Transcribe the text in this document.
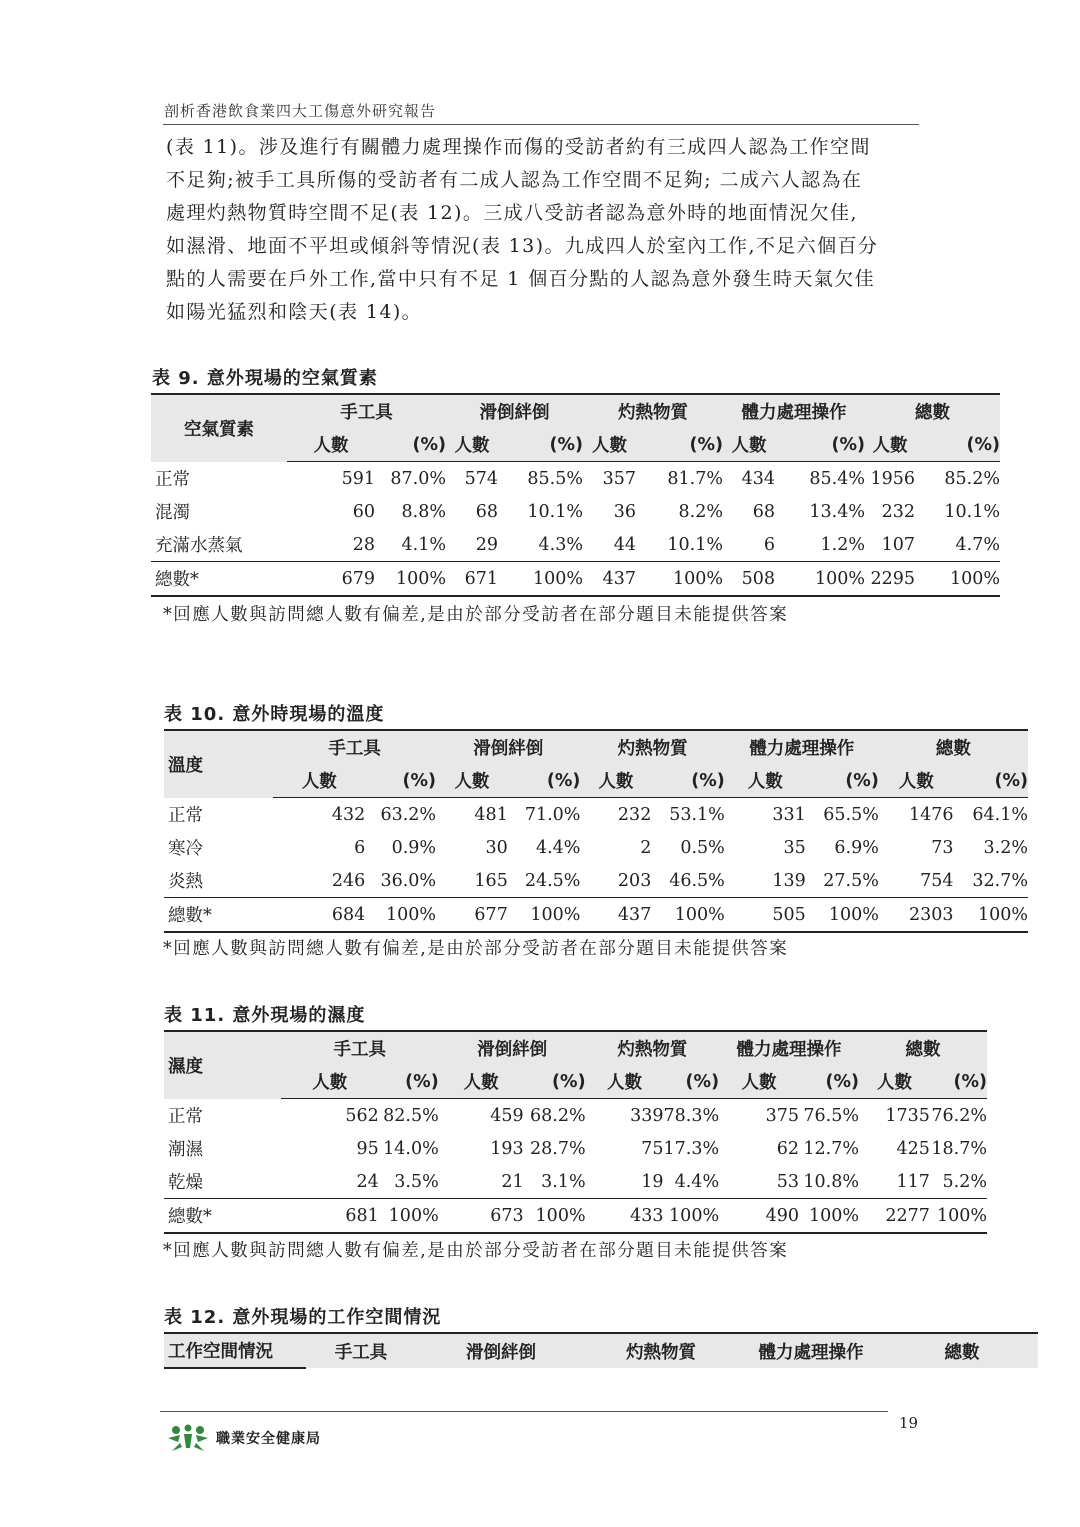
剖析香港飲食業四大工傷意外研究報告

(表 11)。涉及進行有關體力處理操作而傷的受訪者約有三成四人認為工作空間

不足夠;被手工具所傷的受訪者有二成人認為工作空間不足夠; 二成六人認為在

處理灼熱物質時空間不足(表 12)。三成八受訪者認為意外時的地面情況欠佳,

如濕滑、地面不平坦或傾斜等情況(表 13)。九成四人於室內工作,不足六個百分

點的人需要在戶外工作,當中只有不足 1 個百分點的人認為意外發生時天氣欠佳

如陽光猛烈和陰天(表 14)。

表 9. 意外現場的空氣質素
空氣質素	手工具		滑倒絆倒		灼熱物質		體力處理操作		總數	
	人數	(%)	人數	(%)	人數	(%)	人數	(%)	人數	(%)
正常	591	87.0%	574	85.5%	357	81.7%	434	85.4%	1956	85.2%
混濁	60	8.8%	68	10.1%	36	8.2%	68	13.4%	232	10.1%
充滿水蒸氣	28	4.1%	29	4.3%	44	10.1%	6	1.2%	107	4.7%
總數*	679	100%	671	100%	437	100%	508	100%	2295	100%
*回應人數與訪問總人數有偏差,是由於部分受訪者在部分題目未能提供答案
表 10. 意外時現場的溫度
溫度	手工具		滑倒絆倒		灼熱物質		體力處理操作		總數	
	人數	(%)	人數	(%)	人數	(%)	人數	(%)	人數	(%)
正常	432	63.2%	481	71.0%	232	53.1%	331	65.5%	1476	64.1%
寒冷	6	0.9%	30	4.4%	2	0.5%	35	6.9%	73	3.2%
炎熱	246	36.0%	165	24.5%	203	46.5%	139	27.5%	754	32.7%
總數*	684	100%	677	100%	437	100%	505	100%	2303	100%
*回應人數與訪問總人數有偏差,是由於部分受訪者在部分題目未能提供答案
表 11. 意外現場的濕度
濕度	手工具		滑倒絆倒		灼熱物質		體力處理操作		總數	
	人數	(%)	人數	(%)	人數	(%)	人數	(%)	人數	(%)
正常	562	82.5%	459	68.2%	339	78.3%	375	76.5%	1735	76.2%
潮濕	95	14.0%	193	28.7%	75	17.3%	62	12.7%	425	18.7%
乾燥	24	3.5%	21	3.1%	19	4.4%	53	10.8%	117	5.2%
總數*	681	100%	673	100%	433	100%	490	100%	2277	100%
*回應人數與訪問總人數有偏差,是由於部分受訪者在部分題目未能提供答案
表 12. 意外現場的工作空間情況
工作空間情況	手工具	滑倒絆倒	灼熱物質	體力處理操作	總數
19
職業安全健康局
